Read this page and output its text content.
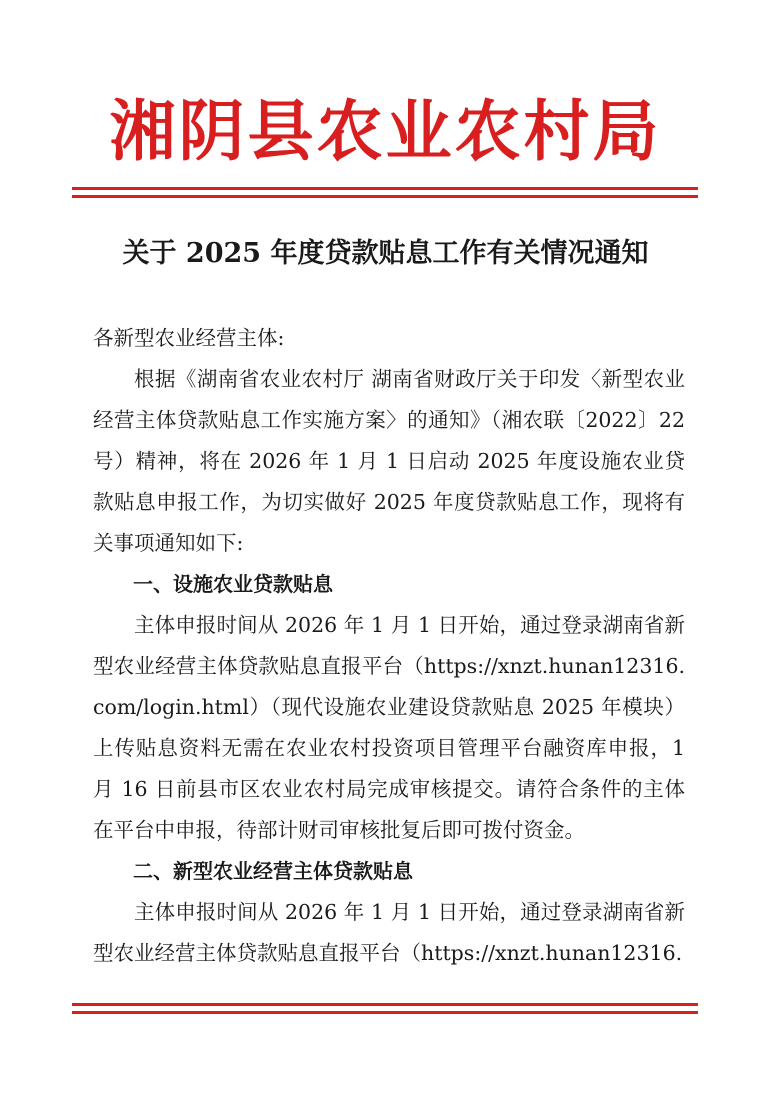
湘阴县农业农村局
关于 2025 年度贷款贴息工作有关情况通知

各新型农业经营主体:

根据《湖南省农业农村厅 湖南省财政厅关于印发〈新型农业经营主体贷款贴息工作实施方案〉的通知》（湘农联〔2022〕22 号）精神，将在 2026 年 1 月 1 日启动 2025 年度设施农业贷款贴息申报工作，为切实做好 2025 年度贷款贴息工作，现将有关事项通知如下:

一、设施农业贷款贴息

主体申报时间从 2026 年 1 月 1 日开始，通过登录湖南省新型农业经营主体贷款贴息直报平台（https://xnzt.hunan12316.com/login.html）（现代设施农业建设贷款贴息 2025 年模块）上传贴息资料无需在农业农村投资项目管理平台融资库申报，1 月 16 日前县市区农业农村局完成审核提交。请符合条件的主体在平台中申报，待部计财司审核批复后即可拨付资金。

二、新型农业经营主体贷款贴息

主体申报时间从 2026 年 1 月 1 日开始，通过登录湖南省新型农业经营主体贷款贴息直报平台（https://xnzt.hunan12316.
